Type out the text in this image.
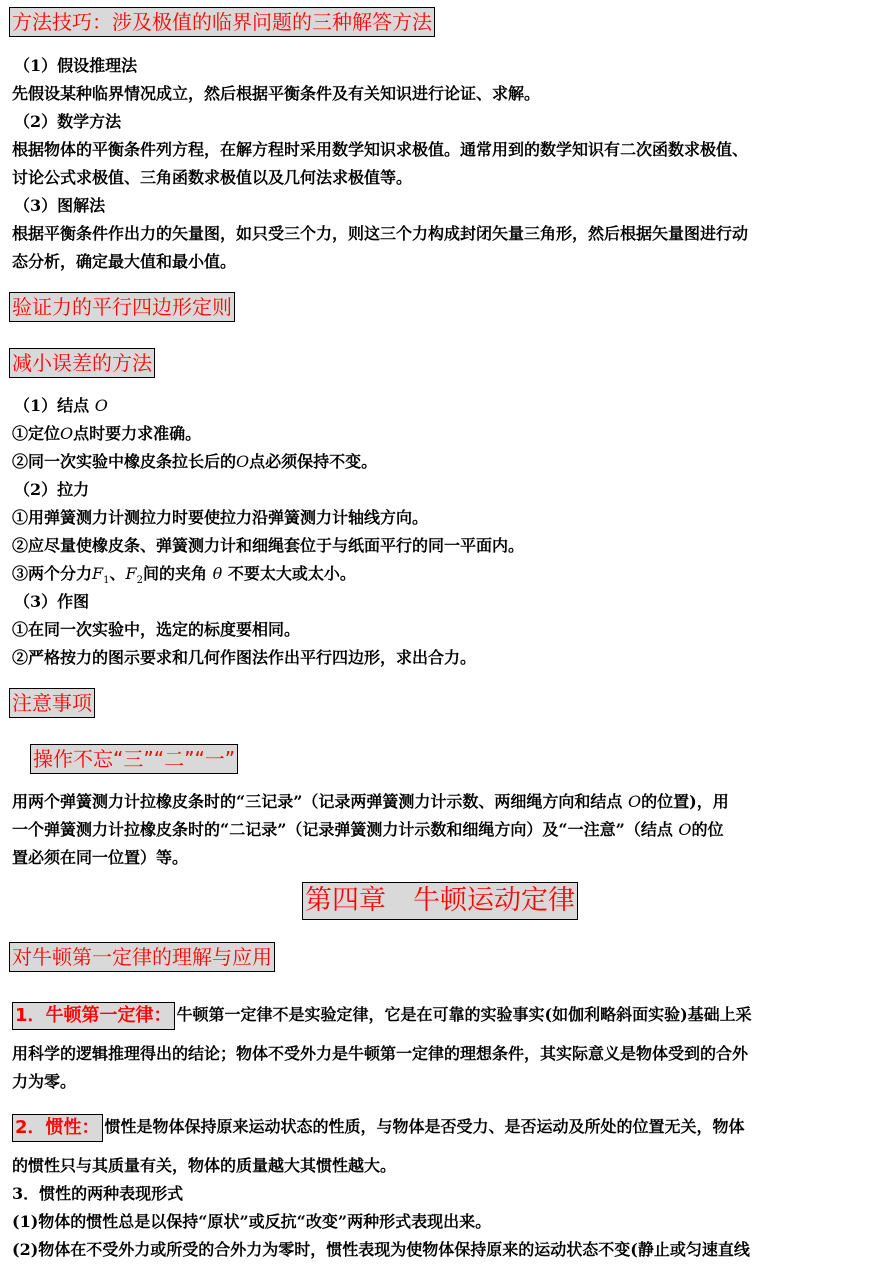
方法技巧：涉及极值的临界问题的三种解答方法
（1）假设推理法
先假设某种临界情况成立，然后根据平衡条件及有关知识进行论证、求解。
（2）数学方法
根据物体的平衡条件列方程，在解方程时采用数学知识求极值。通常用到的数学知识有二次函数求极值、
讨论公式求极值、三角函数求极值以及几何法求极值等。
（3）图解法
根据平衡条件作出力的矢量图，如只受三个力，则这三个力构成封闭矢量三角形，然后根据矢量图进行动
态分析，确定最大值和最小值。
验证力的平行四边形定则
减小误差的方法
（1）结点 O
①定位O点时要力求准确。
②同一次实验中橡皮条拉长后的O点必须保持不变。
（2）拉力
①用弹簧测力计测拉力时要使拉力沿弹簧测力计轴线方向。
②应尽量使橡皮条、弹簧测力计和细绳套位于与纸面平行的同一平面内。
③两个分力$F_1$、$F_2$间的夹角 θ 不要太大或太小。
（3）作图
①在同一次实验中，选定的标度要相同。
②严格按力的图示要求和几何作图法作出平行四边形，求出合力。
注意事项
操作不忘“三”“二”“一”
用两个弹簧测力计拉橡皮条时的“三记录”（记录两弹簧测力计示数、两细绳方向和结点 O的位置)，用
一个弹簧测力计拉橡皮条时的“二记录”（记录弹簧测力计示数和细绳方向）及“一注意”（结点 O的位
置必须在同一位置）等。
第四章　牛顿运动定律
对牛顿第一定律的理解与应用
1．牛顿第一定律： 牛顿第一定律不是实验定律，它是在可靠的实验事实(如伽利略斜面实验)基础上采
用科学的逻辑推理得出的结论；物体不受外力是牛顿第一定律的理想条件，其实际意义是物体受到的合外
力为零。
2．惯性： 惯性是物体保持原来运动状态的性质，与物体是否受力、是否运动及所处的位置无关，物体
的惯性只与其质量有关，物体的质量越大其惯性越大。
3．惯性的两种表现形式
(1)物体的惯性总是以保持“原状”或反抗“改变”两种形式表现出来。
(2)物体在不受外力或所受的合外力为零时，惯性表现为使物体保持原来的运动状态不变(静止或匀速直线
